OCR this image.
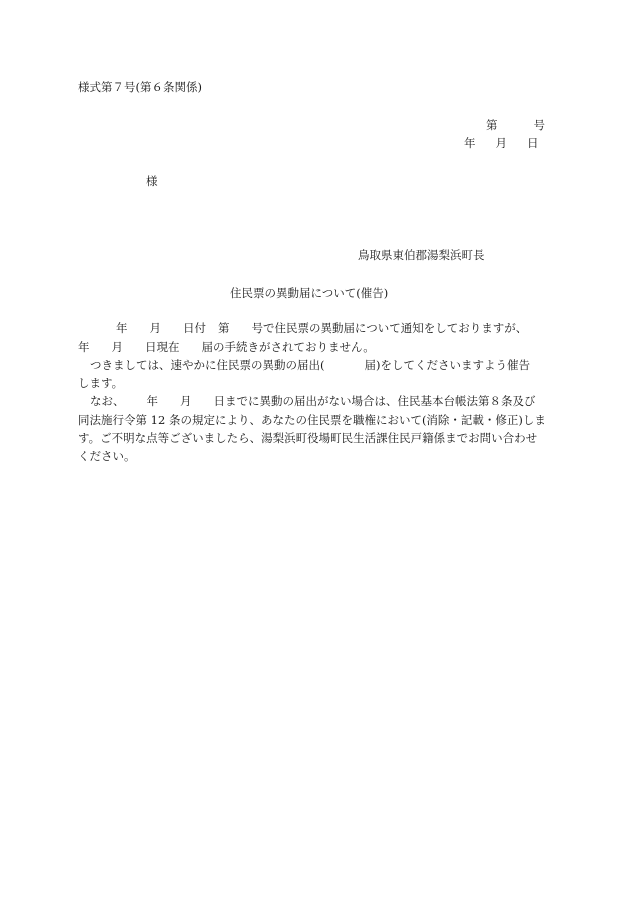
様式第７号(第６条関係)
第	号
年 月 日
様
鳥取県東伯郡湯梨浜町長
住民票の異動届について(催告)
年 月 日付 第 号で住民票の異動届について通知をしておりますが、
年 月 日現在 届の手続きがされておりません。
つきましては、速やかに住民票の異動の届出(	届)をしてくださいますよう催告
します。
なお、 年 月 日までに異動の届出がない場合は、住民基本台帳法第８条及び
同法施行令第 12 条の規定により、あなたの住民票を職権において(消除・記載・修正)しま
す。ご不明な点等ございましたら、湯梨浜町役場町民生活課住民戸籍係までお問い合わせ
ください。
